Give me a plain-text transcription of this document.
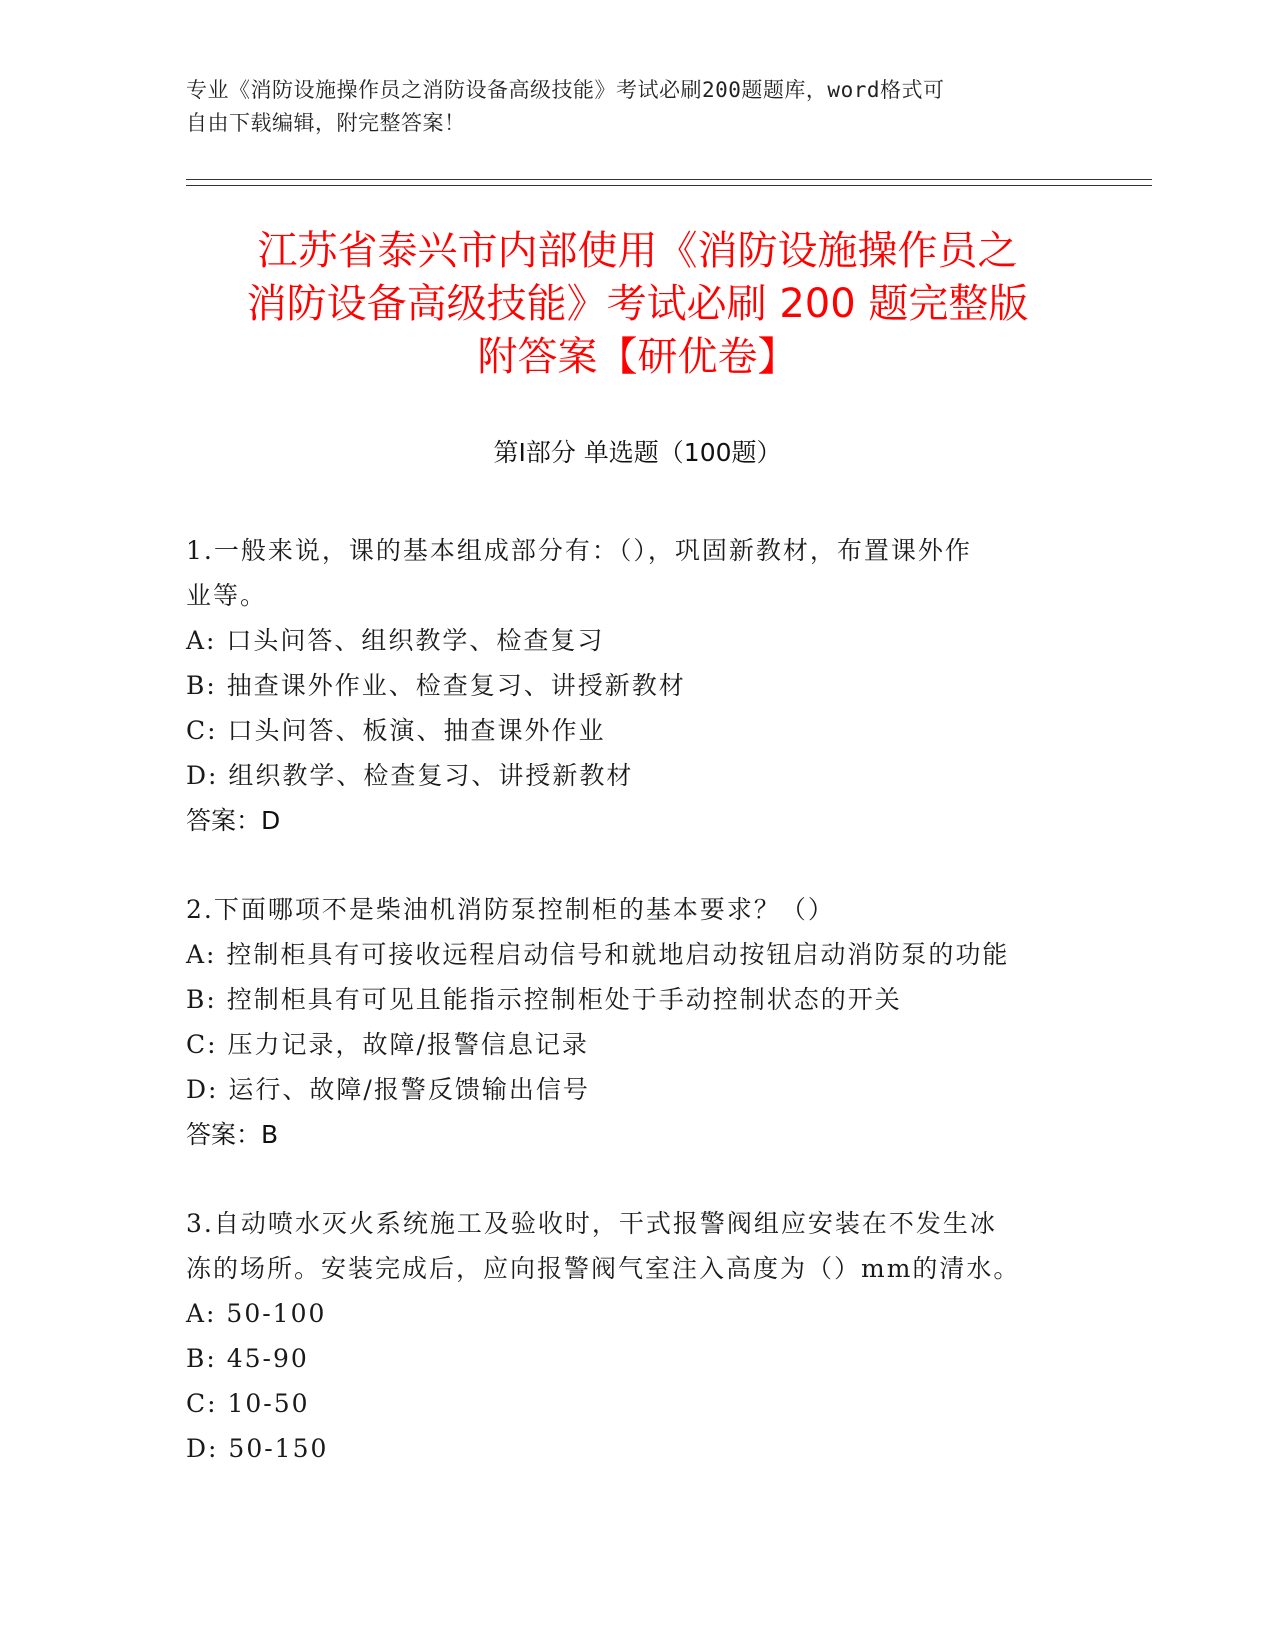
专业《消防设施操作员之消防设备高级技能》考试必刷200题题库，word格式可
自由下载编辑，附完整答案！
江苏省泰兴市内部使用《消防设施操作员之
消防设备高级技能》考试必刷 200 题完整版
附答案【研优卷】
第Ⅰ部分 单选题（100题）
1.一般来说，课的基本组成部分有：（），巩固新教材，布置课外作
业等。
A: 口头问答、组织教学、检查复习
B: 抽查课外作业、检查复习、讲授新教材
C: 口头问答、板演、抽查课外作业
D: 组织教学、检查复习、讲授新教材
答案：D
2.下面哪项不是柴油机消防泵控制柜的基本要求？（）
A: 控制柜具有可接收远程启动信号和就地启动按钮启动消防泵的功能
B: 控制柜具有可见且能指示控制柜处于手动控制状态的开关
C: 压力记录，故障/报警信息记录
D: 运行、故障/报警反馈输出信号
答案：B
3.自动喷水灭火系统施工及验收时，干式报警阀组应安装在不发生冰
冻的场所。安装完成后，应向报警阀气室注入高度为（）mm的清水。
A: 50-100
B: 45-90
C: 10-50
D: 50-150
